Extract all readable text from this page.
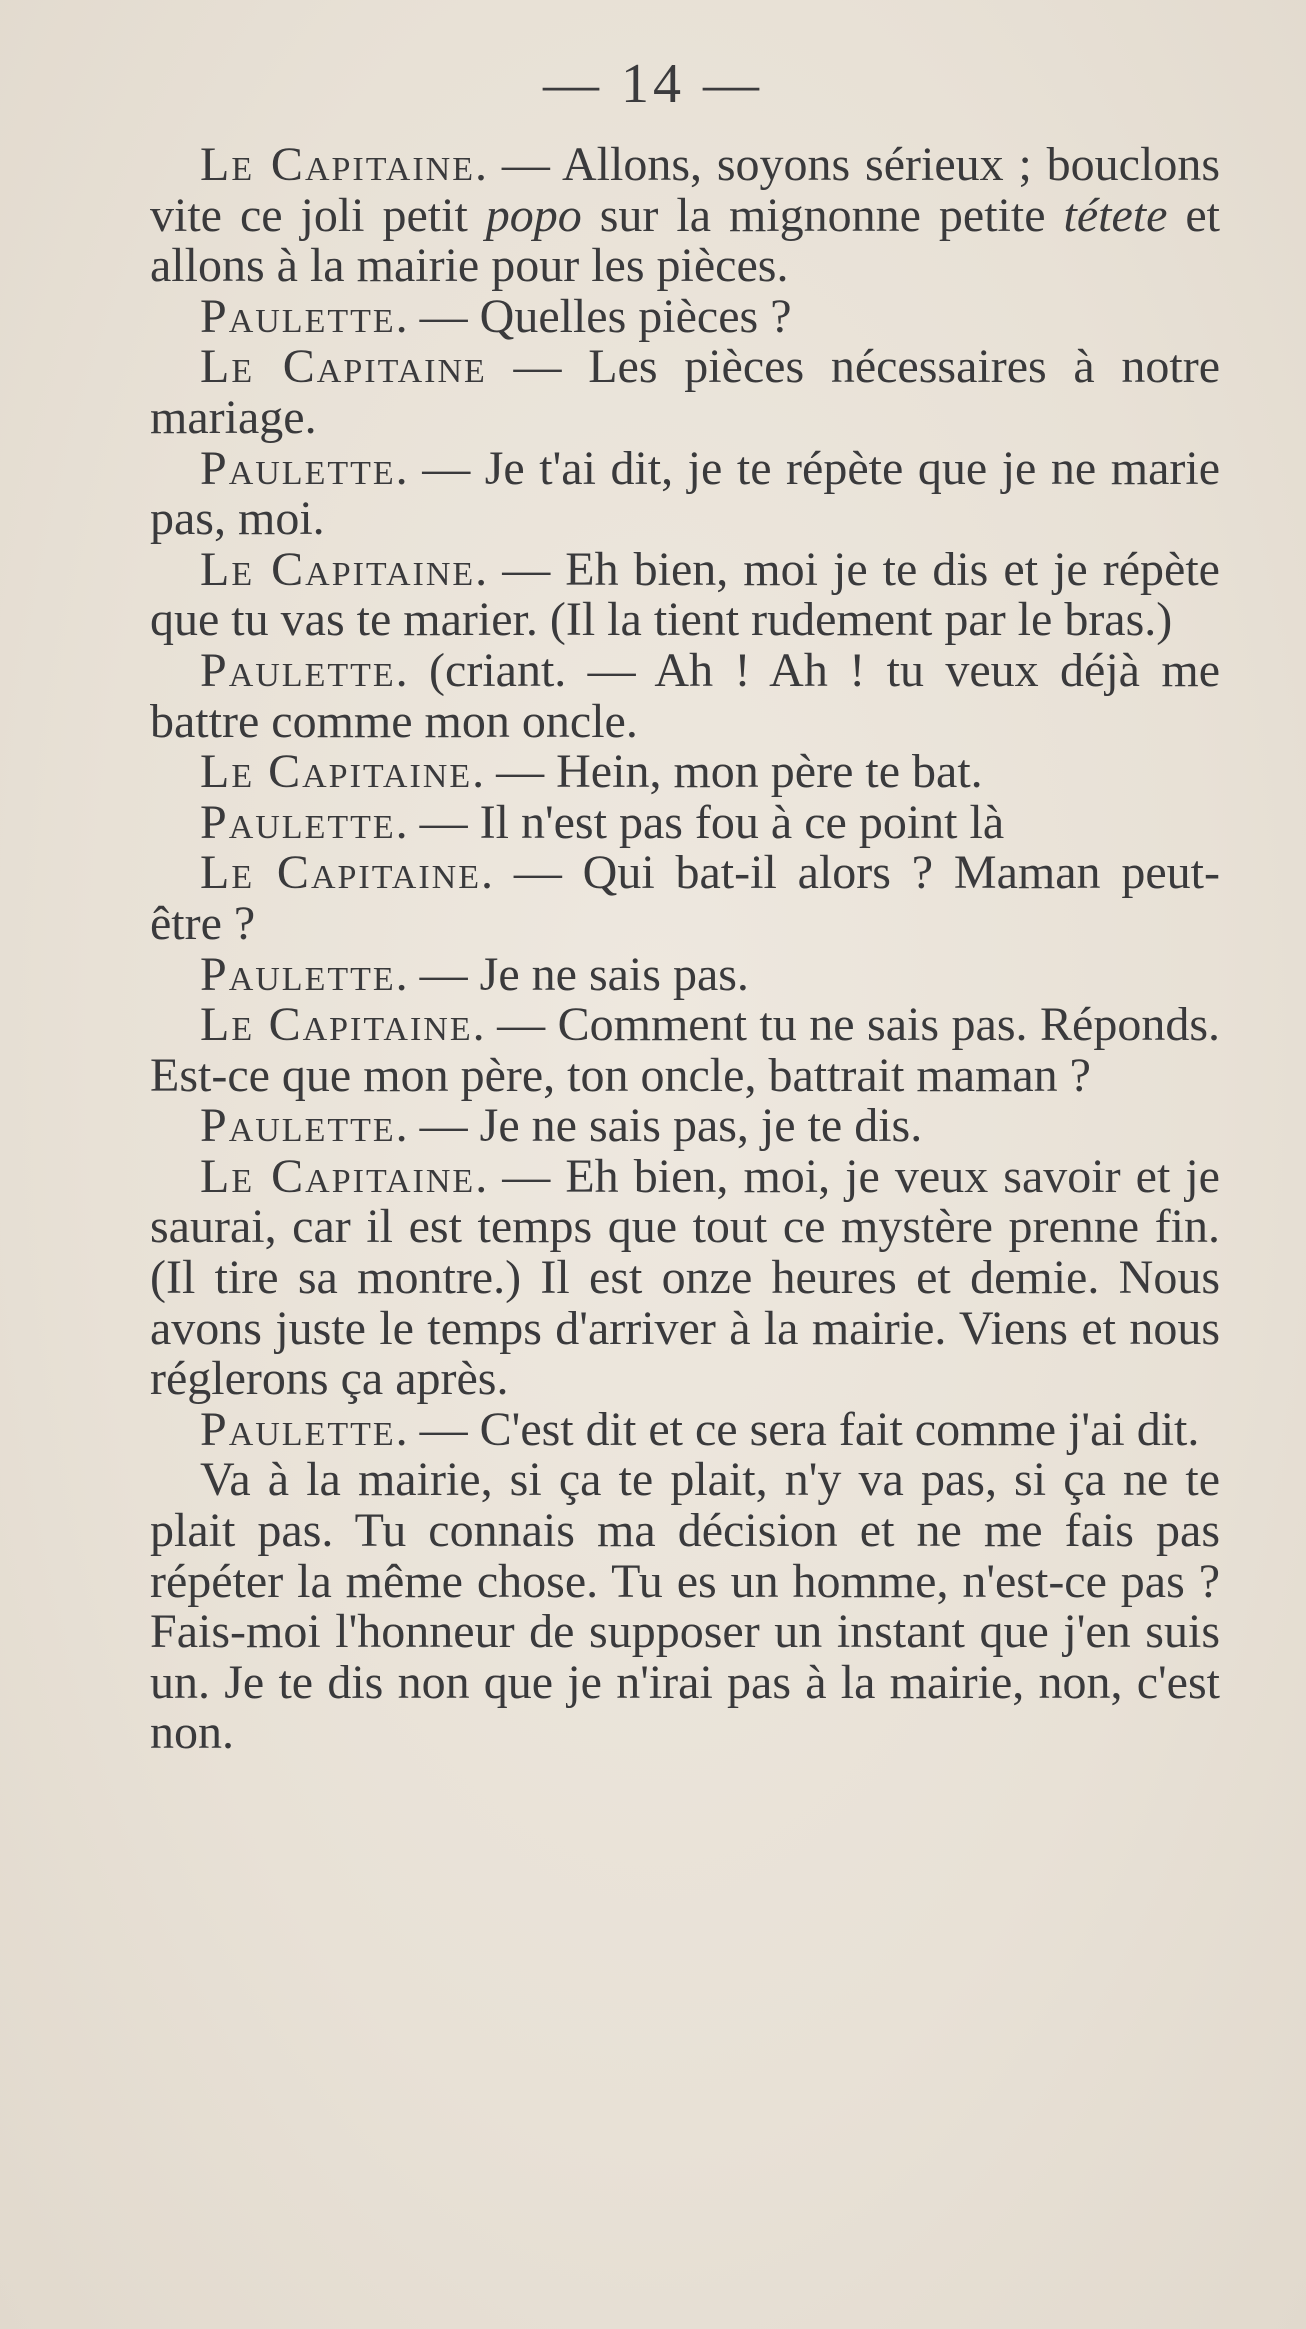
— 14 —

Le Capitaine. — Allons, soyons sérieux ; bouclons vite ce joli petit popo sur la mignonne petite tétete et allons à la mairie pour les pièces.

Paulette. — Quelles pièces ?

Le Capitaine — Les pièces nécessaires à notre mariage.

Paulette. — Je t'ai dit, je te répète que je ne marie pas, moi.

Le Capitaine. — Eh bien, moi je te dis et je répète que tu vas te marier. (Il la tient rudement par le bras.)

Paulette. (criant. — Ah ! Ah ! tu veux déjà me battre comme mon oncle.

Le Capitaine. — Hein, mon père te bat.

Paulette. — Il n'est pas fou à ce point là

Le Capitaine. — Qui bat-il alors ? Maman peut-être ?

Paulette. — Je ne sais pas.

Le Capitaine. — Comment tu ne sais pas. Réponds. Est-ce que mon père, ton oncle, battrait maman ?

Paulette. — Je ne sais pas, je te dis.

Le Capitaine. — Eh bien, moi, je veux savoir et je saurai, car il est temps que tout ce mystère prenne fin. (Il tire sa montre.) Il est onze heures et demie. Nous avons juste le temps d'arriver à la mairie. Viens et nous réglerons ça après.

Paulette. — C'est dit et ce sera fait comme j'ai dit.

Va à la mairie, si ça te plait, n'y va pas, si ça ne te plait pas. Tu connais ma décision et ne me fais pas répéter la même chose. Tu es un homme, n'est-ce pas ? Fais-moi l'honneur de supposer un instant que j'en suis un. Je te dis non que je n'irai pas à la mairie, non, c'est non.
